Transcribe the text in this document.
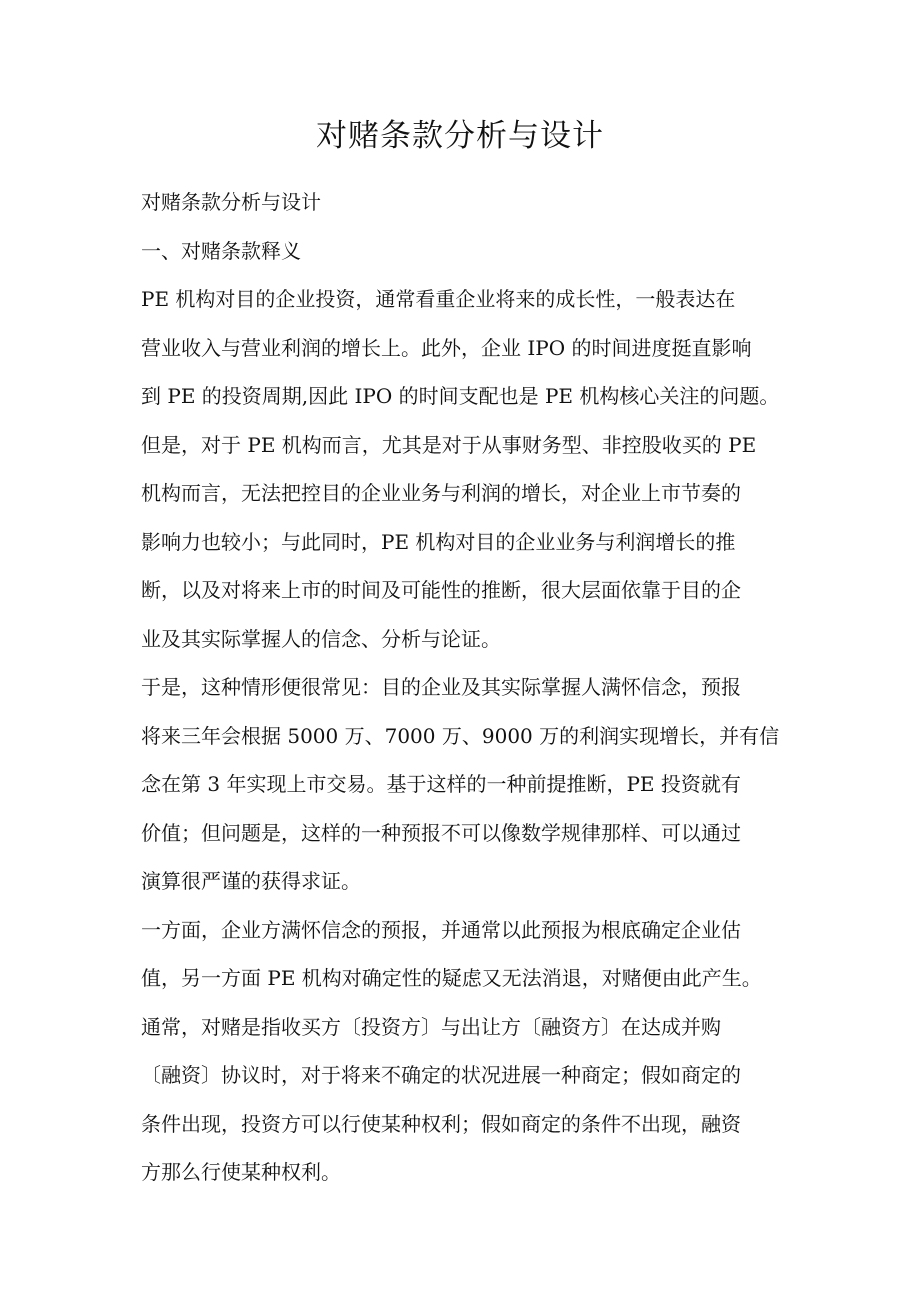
对赌条款分析与设计
对赌条款分析与设计
一、对赌条款释义
PE 机构对目的企业投资，通常看重企业将来的成长性，一般表达在
营业收入与营业利润的增长上。此外，企业 IPO 的时间进度挺直影响
到 PE 的投资周期,因此 IPO 的时间支配也是 PE 机构核心关注的问题。
但是，对于 PE 机构而言，尤其是对于从事财务型、非控股收买的 PE
机构而言，无法把控目的企业业务与利润的增长，对企业上市节奏的
影响力也较小；与此同时，PE 机构对目的企业业务与利润增长的推
断，以及对将来上市的时间及可能性的推断，很大层面依靠于目的企
业及其实际掌握人的信念、分析与论证。
于是，这种情形便很常见：目的企业及其实际掌握人满怀信念，预报
将来三年会根据 5000 万、7000 万、9000 万的利润实现增长，并有信
念在第 3 年实现上市交易。基于这样的一种前提推断，PE 投资就有
价值；但问题是，这样的一种预报不可以像数学规律那样、可以通过
演算很严谨的获得求证。
一方面，企业方满怀信念的预报，并通常以此预报为根底确定企业估
值，另一方面 PE 机构对确定性的疑虑又无法消退，对赌便由此产生。
通常，对赌是指收买方〔投资方〕与出让方〔融资方〕在达成并购
〔融资〕协议时，对于将来不确定的状况进展一种商定；假如商定的
条件出现，投资方可以行使某种权利；假如商定的条件不出现，融资
方那么行使某种权利。
